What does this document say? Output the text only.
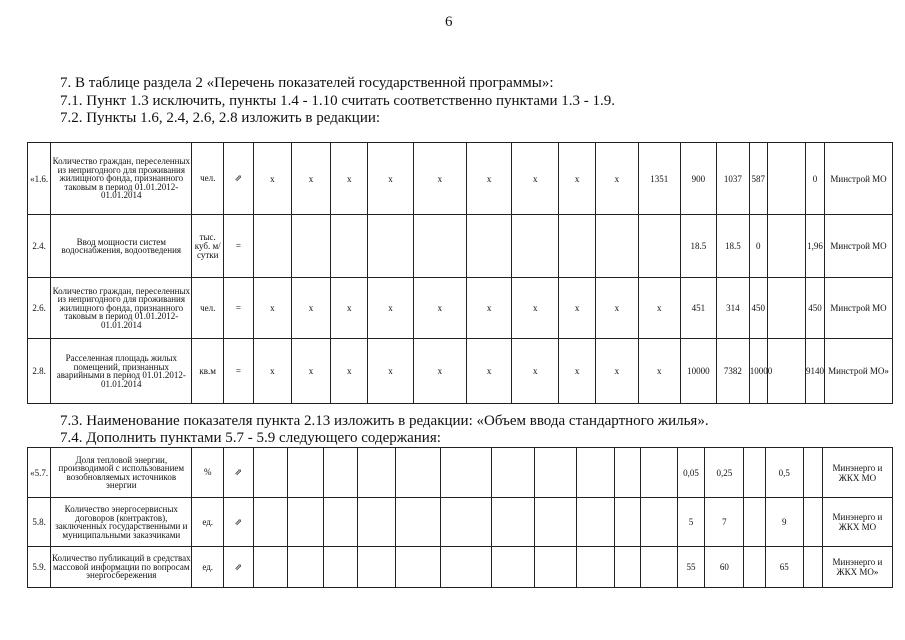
6
7. В таблице раздела 2 «Перечень показателей государственной программы»:
7.1. Пункт 1.3 исключить, пункты 1.4 - 1.10 считать соответственно пунктами 1.3 - 1.9.
7.2. Пункты 1.6, 2.4, 2.6, 2.8 изложить в редакции:
«1.6.	Количество граждан, переселенных из непригодного для проживания жилищного фонда, признанного таковым в период 01.01.2012-01.01.2014	чел.	⇗	x	x	x	x	x	x	x	x	x	1351	900	1037	587		0	Минстрой МО
2.4.	Ввод мощности систем водоснабжения, водоотведения	тыс. куб. м/сутки	=											18.5	18.5	0		1,96	Минстрой МО
2.6.	Количество граждан, переселенных из непригодного для проживания жилищного фонда, признанного таковым в период 01.01.2012-01.01.2014	чел.	=	x	x	x	x	x	x	x	x	x	x	451	314	450		450	Минстрой МО
2.8.	Расселенная площадь жилых помещений, признанных аварийными в период 01.01.2012-01.01.2014	кв.м	=	x	x	x	x	x	x	x	x	x	x	10000	7382	10000		9140	Минстрой МО»
7.3. Наименование показателя пункта 2.13 изложить в редакции: «Объем ввода стандартного жилья».
7.4. Дополнить пунктами 5.7 - 5.9 следующего содержания:
«5.7.	Доля тепловой энергии, производимой с использованием возобновляемых источников энергии	%	⇗												0,05	0,25		0,5		Минэнерго и ЖКХ МО
5.8.	Количество энергосервисных договоров (контрактов), заключенных государственными и муниципальными заказчиками	ед.	⇗												5	7		9		Минэнерго и ЖКХ МО
5.9.	Количество публикаций в средствах массовой информации по вопросам энергосбережения	ед.	⇗												55	60		65		Минэнерго и ЖКХ МО»
